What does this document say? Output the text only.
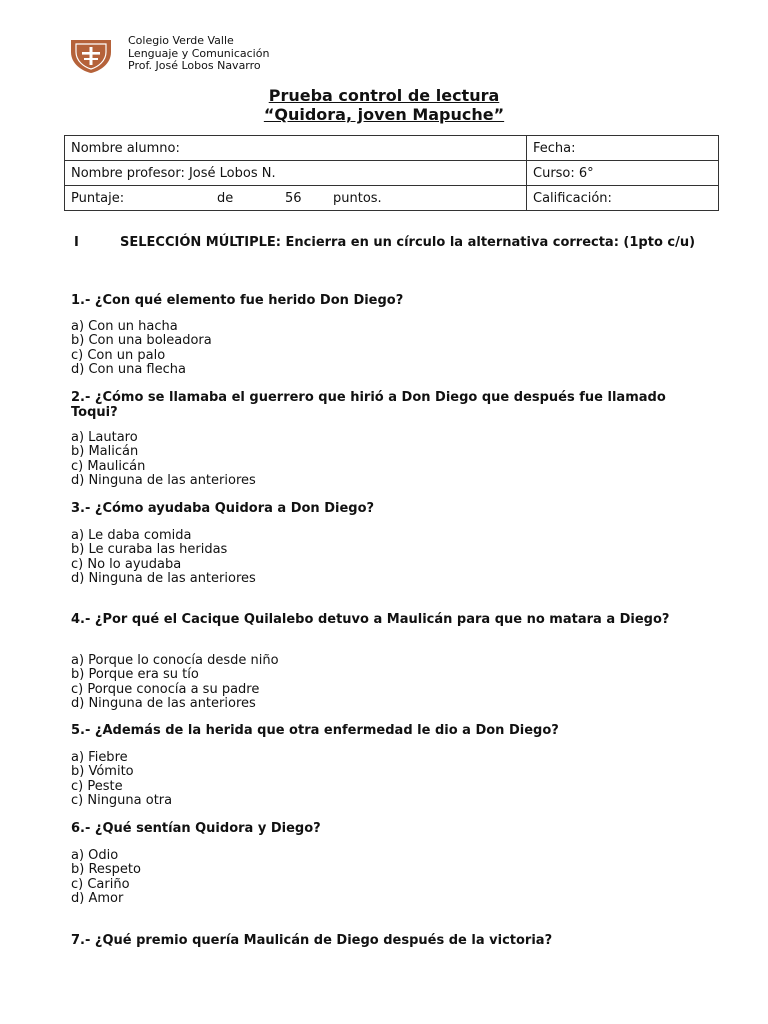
Colegio Verde Valle
Lenguaje y Comunicación
Prof. José Lobos Navarro
Prueba control de lectura
“Quidora, joven Mapuche”
Nombre alumno:	Fecha:
Nombre profesor: José Lobos N.	Curso: 6°
Puntaje: de 56 puntos.	Calificación:
I	SELECCIÓN MÚLTIPLE: Encierra en un círculo la alternativa correcta: (1pto c/u)
1.- ¿Con qué elemento fue herido Don Diego?
a) Con un hacha
b) Con una boleadora
c) Con un palo
d) Con una flecha
2.- ¿Cómo se llamaba el guerrero que hirió a Don Diego que después fue llamado Toqui?
a) Lautaro
b) Malicán
c) Maulicán
d) Ninguna de las anteriores
3.- ¿Cómo ayudaba Quidora a Don Diego?
a) Le daba comida
b) Le curaba las heridas
c) No lo ayudaba
d) Ninguna de las anteriores
4.- ¿Por qué el Cacique Quilalebo detuvo a Maulicán para que no matara a Diego?
a) Porque lo conocía desde niño
b) Porque era su tío
c) Porque conocía a su padre
d) Ninguna de las anteriores
5.- ¿Además de la herida que otra enfermedad le dio a Don Diego?
a) Fiebre
b) Vómito
c) Peste
c) Ninguna otra
6.- ¿Qué sentían Quidora y Diego?
a) Odio
b) Respeto
c) Cariño
d) Amor
7.- ¿Qué premio quería Maulicán de Diego después de la victoria?
